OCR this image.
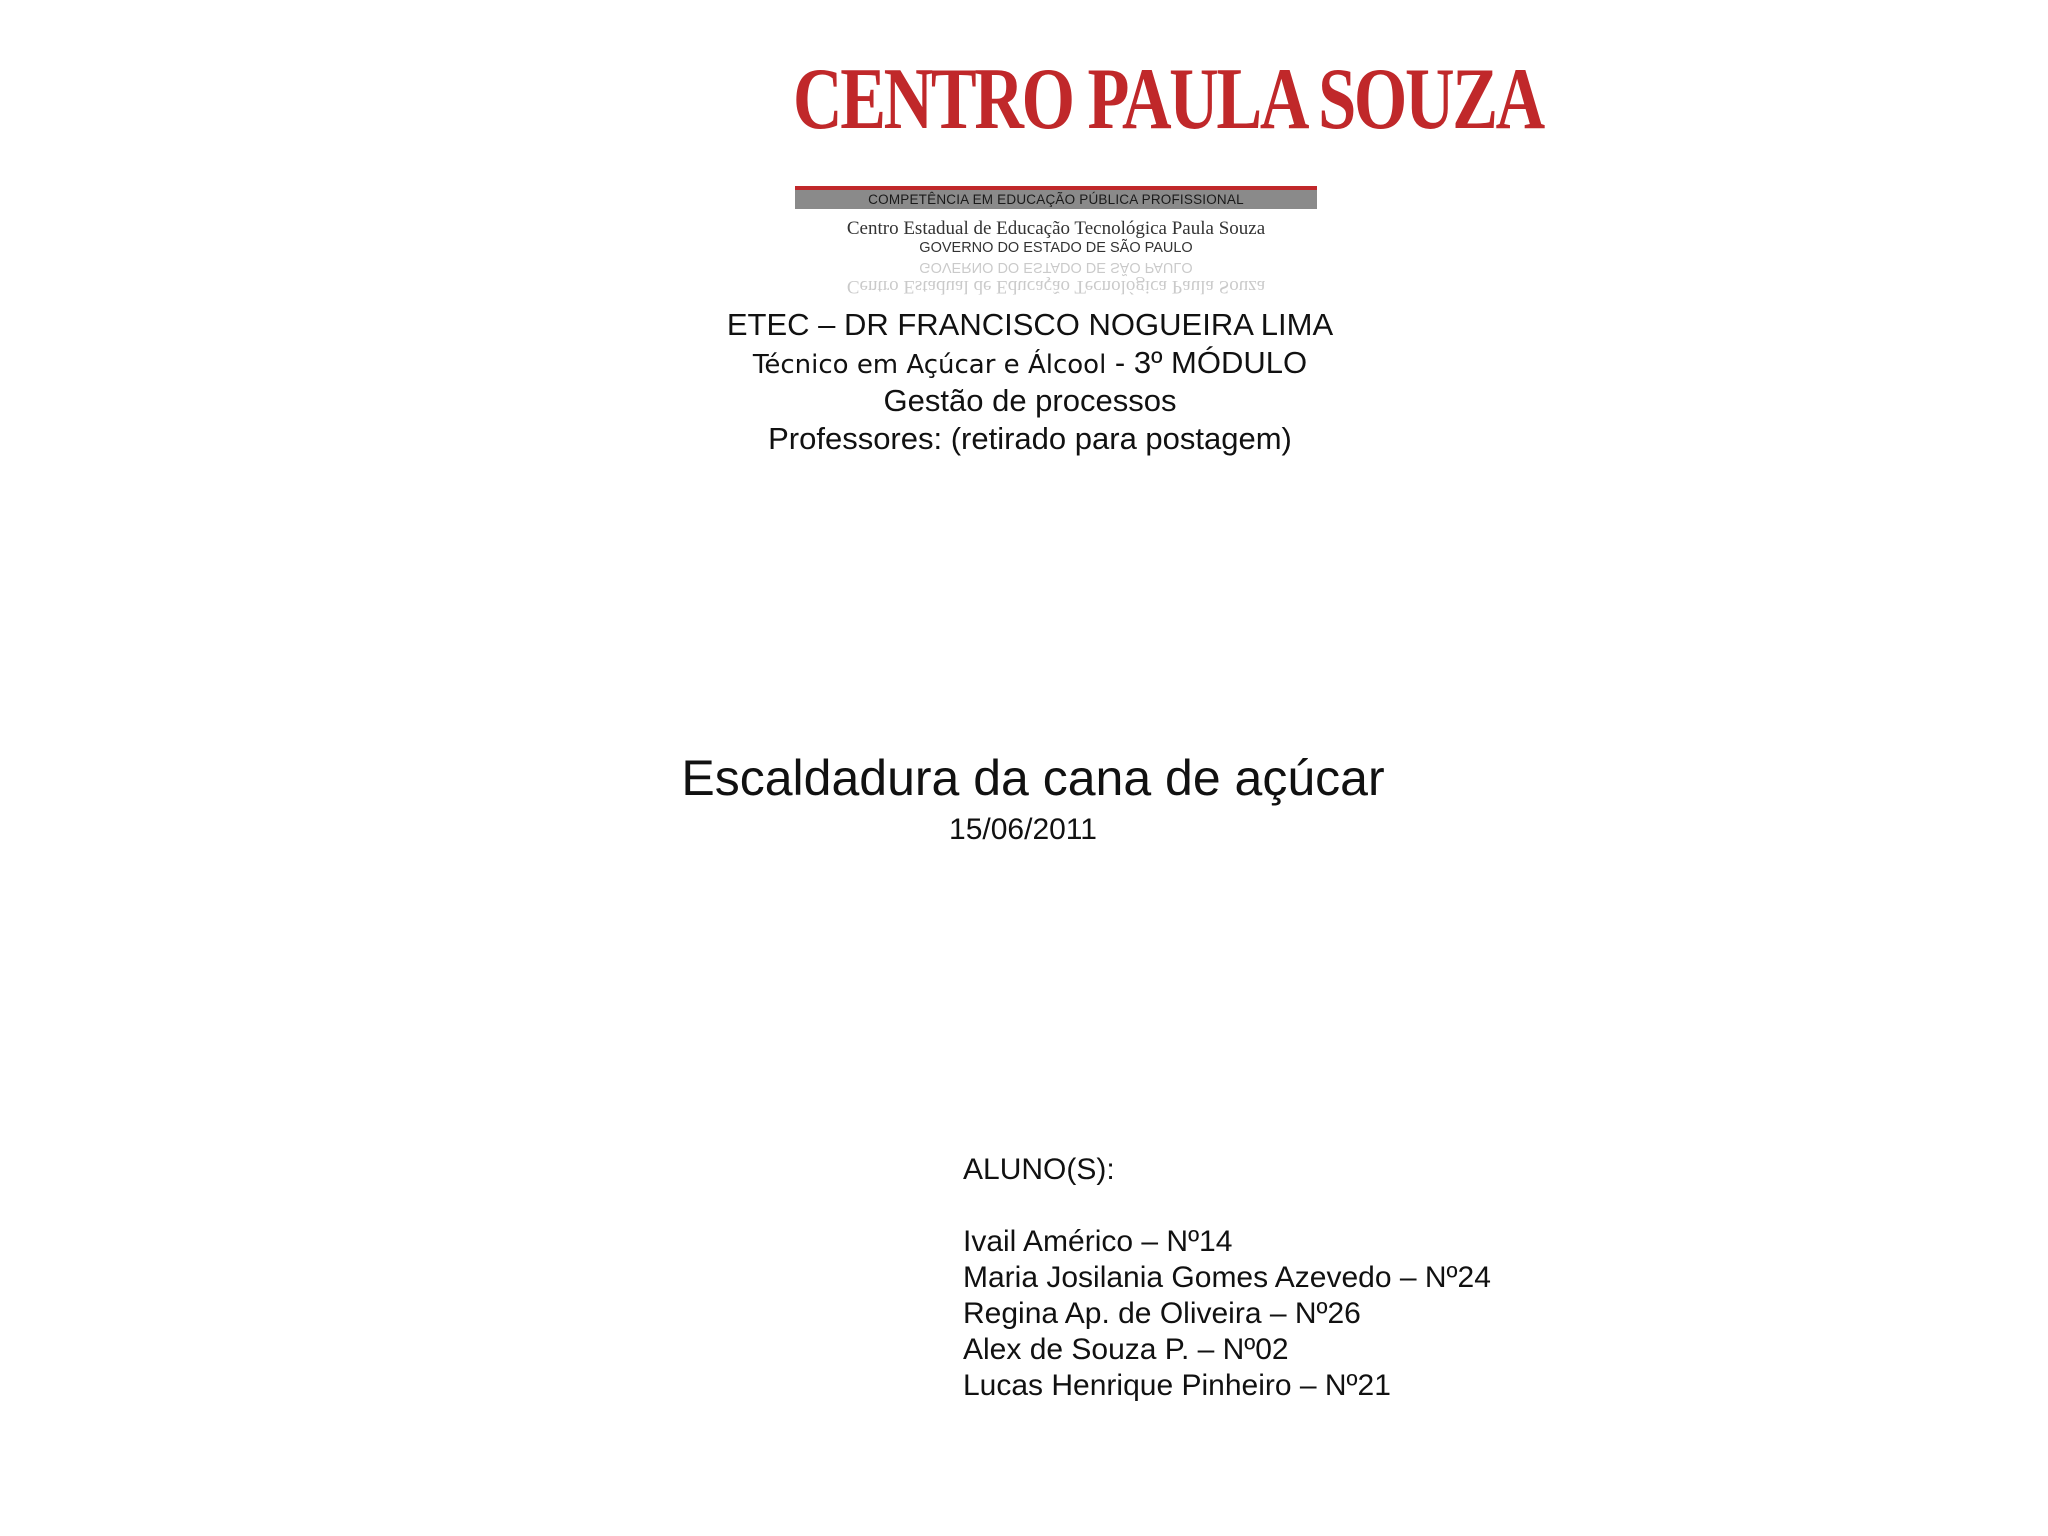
CENTRO PAULA SOUZA
COMPETÊNCIA EM EDUCAÇÃO PÚBLICA PROFISSIONAL
Centro Estadual de Educação Tecnológica Paula Souza
GOVERNO DO ESTADO DE SÃO PAULO
Centro Estadual de Educação Tecnológica Paula Souza
GOVERNO DO ESTADO DE SÃO PAULO
ETEC – DR FRANCISCO NOGUEIRA LIMA
Técnico em Açúcar e Álcool - 3º MÓDULO
Gestão de processos
Professores: (retirado para postagem)
Escaldadura da cana de açúcar
15/06/2011
ALUNO(S):
Ivail Américo – Nº14
Maria Josilania Gomes Azevedo – Nº24
Regina Ap. de Oliveira – Nº26
Alex de Souza P. – Nº02
Lucas Henrique Pinheiro – Nº21
